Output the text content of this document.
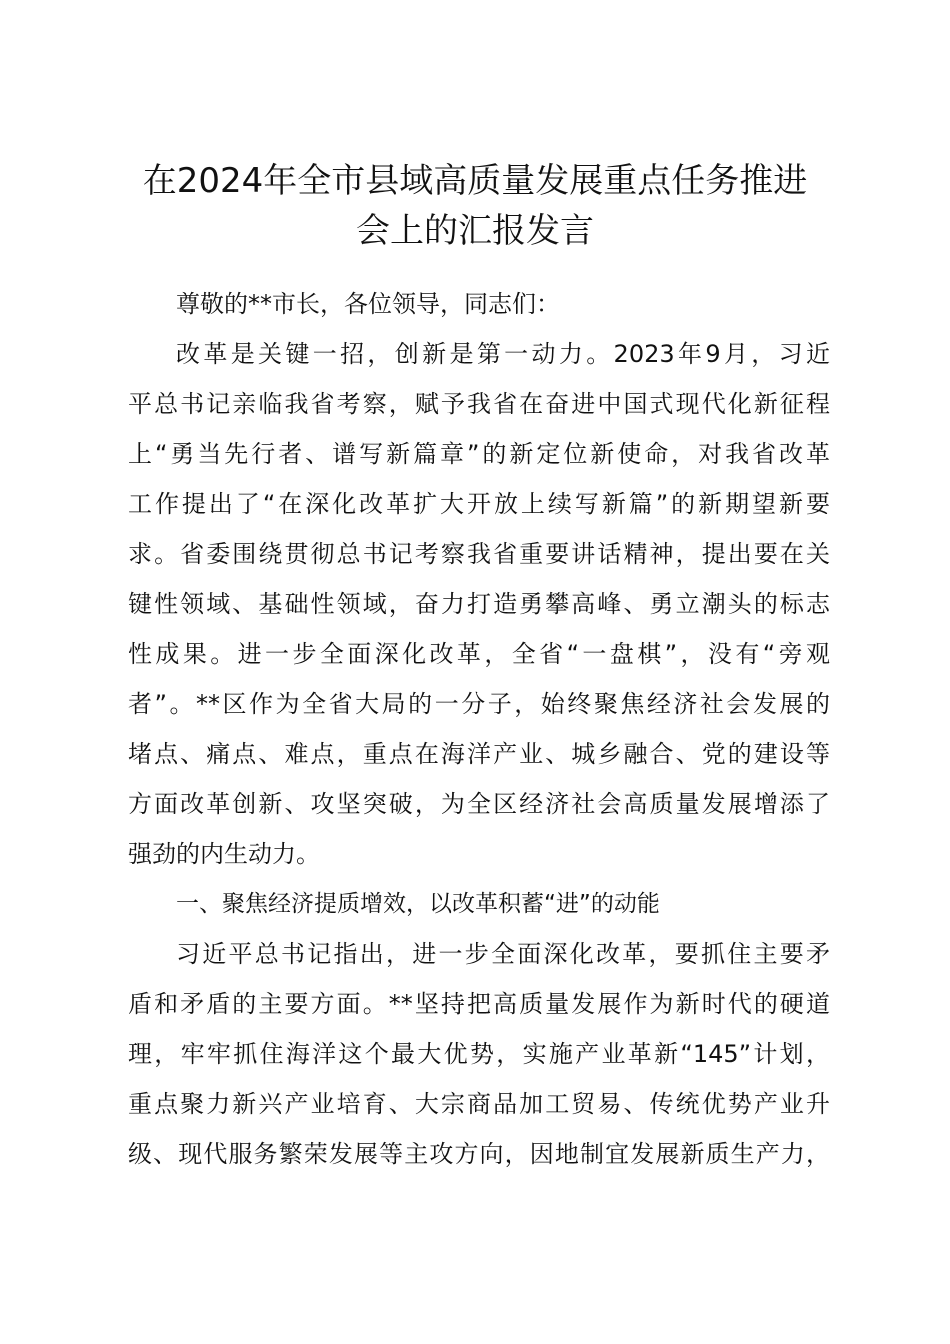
在2024年全市县域高质量发展重点任务推进
会上的汇报发言
尊敬的**市长，各位领导，同志们：
改革是关键一招，创新是第一动力。2023年9月，习近
平总书记亲临我省考察，赋予我省在奋进中国式现代化新征程
上“勇当先行者、谱写新篇章”的新定位新使命，对我省改革
工作提出了“在深化改革扩大开放上续写新篇”的新期望新要
求。省委围绕贯彻总书记考察我省重要讲话精神，提出要在关
键性领域、基础性领域，奋力打造勇攀高峰、勇立潮头的标志
性成果。进一步全面深化改革，全省“一盘棋”，没有“旁观
者”。**区作为全省大局的一分子，始终聚焦经济社会发展的
堵点、痛点、难点，重点在海洋产业、城乡融合、党的建设等
方面改革创新、攻坚突破，为全区经济社会高质量发展增添了
强劲的内生动力。
一、聚焦经济提质增效，以改革积蓄“进”的动能
习近平总书记指出，进一步全面深化改革，要抓住主要矛
盾和矛盾的主要方面。**坚持把高质量发展作为新时代的硬道
理，牢牢抓住海洋这个最大优势，实施产业革新“145”计划，
重点聚力新兴产业培育、大宗商品加工贸易、传统优势产业升
级、现代服务繁荣发展等主攻方向，因地制宜发展新质生产力，
